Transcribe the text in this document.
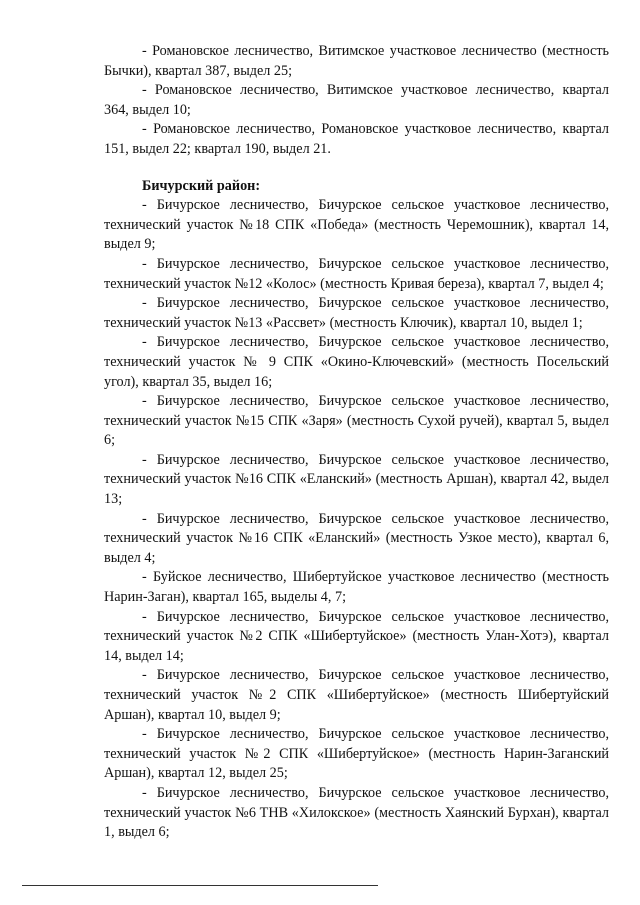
- Романовское лесничество, Витимское участковое лесничество (местность Бычки), квартал 387, выдел 25;

- Романовское лесничество, Витимское участковое лесничество, квартал 364, выдел 10;

- Романовское лесничество, Романовское участковое лесничество, квартал 151, выдел 22; квартал 190, выдел 21.

Бичурский район:

- Бичурское лесничество, Бичурское сельское участковое лесничество, технический участок №18 СПК «Победа» (местность Черемошник), квартал 14, выдел 9;

- Бичурское лесничество, Бичурское сельское участковое лесничество, технический участок №12 «Колос» (местность Кривая береза), квартал 7, выдел 4;

- Бичурское лесничество, Бичурское сельское участковое лесничество, технический участок №13 «Рассвет» (местность Ключик), квартал 10, выдел 1;

- Бичурское лесничество, Бичурское сельское участковое лесничество, технический участок № 9 СПК «Окино-Ключевский» (местность Посельский угол), квартал 35, выдел 16;

- Бичурское лесничество, Бичурское сельское участковое лесничество, технический участок №15 СПК «Заря» (местность Сухой ручей), квартал 5, выдел 6;

- Бичурское лесничество, Бичурское сельское участковое лесничество, технический участок №16 СПК «Еланский» (местность Аршан), квартал 42, выдел 13;

- Бичурское лесничество, Бичурское сельское участковое лесничество, технический участок №16 СПК «Еланский» (местность Узкое место), квартал 6, выдел 4;

- Буйское лесничество, Шибертуйское участковое лесничество (местность Нарин-Заган), квартал 165, выделы 4, 7;

- Бичурское лесничество, Бичурское сельское участковое лесничество, технический участок №2 СПК «Шибертуйское» (местность Улан-Хотэ), квартал 14, выдел 14;

- Бичурское лесничество, Бичурское сельское участковое лесничество, технический участок №2 СПК «Шибертуйское» (местность Шибертуйский Аршан), квартал 10, выдел 9;

- Бичурское лесничество, Бичурское сельское участковое лесничество, технический участок №2 СПК «Шибертуйское» (местность Нарин-Заганский Аршан), квартал 12, выдел 25;

- Бичурское лесничество, Бичурское сельское участковое лесничество, технический участок №6 ТНВ «Хилокское» (местность Хаянский Бурхан), квартал 1, выдел 6;
